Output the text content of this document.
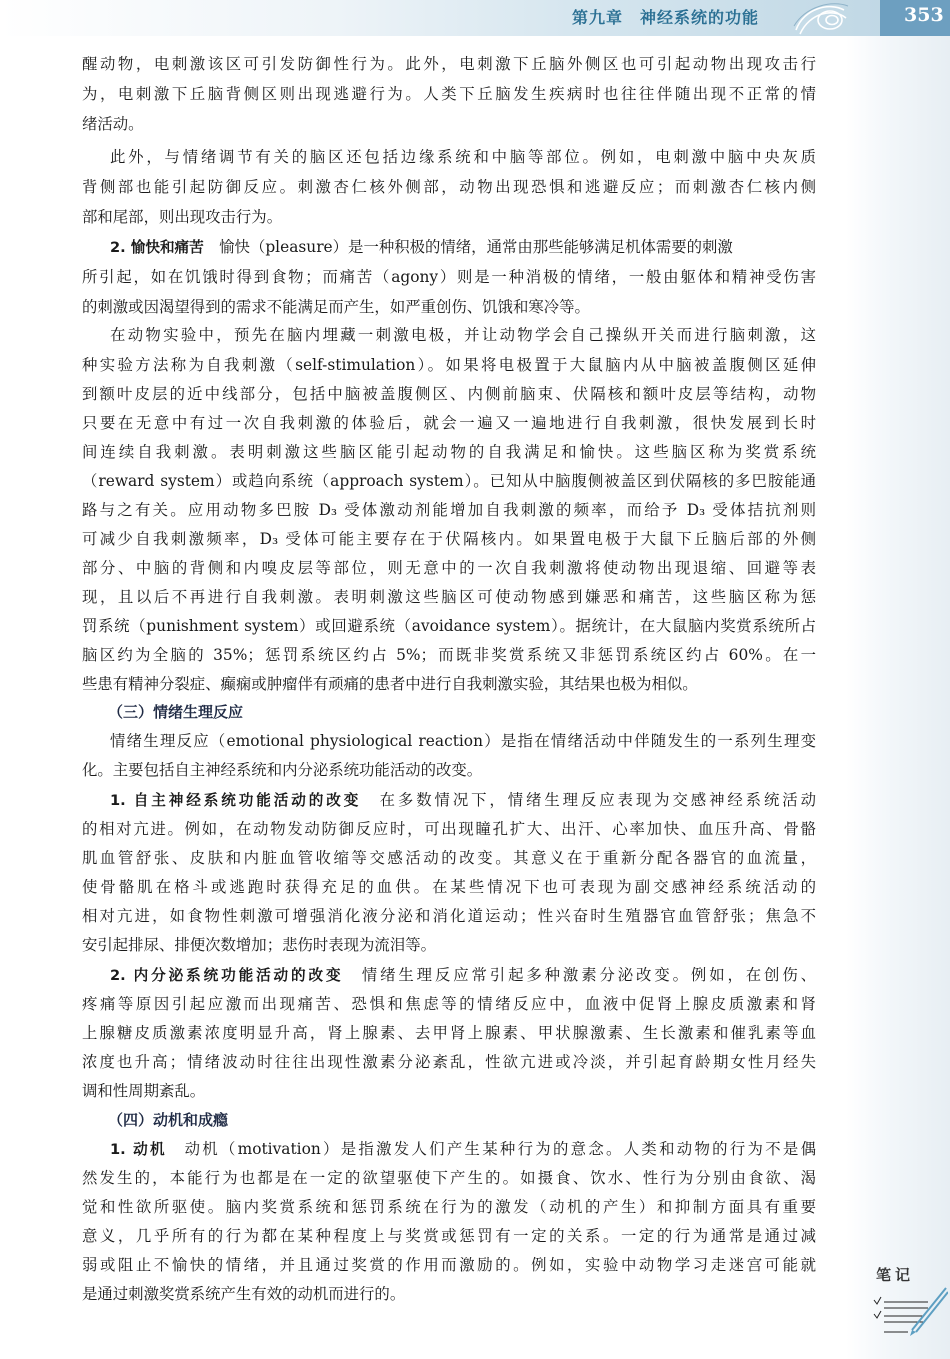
第九章　神经系统的功能	353

醒动物，电刺激该区可引发防御性行为。此外，电刺激下丘脑外侧区也可引起动物出现攻击行

为，电刺激下丘脑背侧区则出现逃避行为。人类下丘脑发生疾病时也往往伴随出现不正常的情

绪活动。

此外，与情绪调节有关的脑区还包括边缘系统和中脑等部位。例如，电刺激中脑中央灰质

背侧部也能引起防御反应。刺激杏仁核外侧部，动物出现恐惧和逃避反应；而刺激杏仁核内侧

部和尾部，则出现攻击行为。

2. 愉快和痛苦　 愉快（pleasure）是一种积极的情绪，通常由那些能够满足机体需要的刺激

所引起，如在饥饿时得到食物；而痛苦（agony）则是一种消极的情绪，一般由躯体和精神受伤害

的刺激或因渴望得到的需求不能满足而产生，如严重创伤、饥饿和寒冷等。

在动物实验中，预先在脑内埋藏一刺激电极，并让动物学会自己操纵开关而进行脑刺激，这

种实验方法称为自我刺激（self-stimulation）。如果将电极置于大鼠脑内从中脑被盖腹侧区延伸

到额叶皮层的近中线部分，包括中脑被盖腹侧区、内侧前脑束、伏隔核和额叶皮层等结构，动物

只要在无意中有过一次自我刺激的体验后，就会一遍又一遍地进行自我刺激，很快发展到长时

间连续自我刺激。表明刺激这些脑区能引起动物的自我满足和愉快。这些脑区称为奖赏系统

（reward system）或趋向系统（approach system）。已知从中脑腹侧被盖区到伏隔核的多巴胺能通

路与之有关。应用动物多巴胺 D₃ 受体激动剂能增加自我刺激的频率，而给予 D₃ 受体拮抗剂则

可减少自我刺激频率，D₃ 受体可能主要存在于伏隔核内。如果置电极于大鼠下丘脑后部的外侧

部分、中脑的背侧和内嗅皮层等部位，则无意中的一次自我刺激将使动物出现退缩、回避等表

现，且以后不再进行自我刺激。表明刺激这些脑区可使动物感到嫌恶和痛苦，这些脑区称为惩

罚系统（punishment system）或回避系统（avoidance system）。据统计，在大鼠脑内奖赏系统所占

脑区约为全脑的 35%；惩罚系统区约占 5%；而既非奖赏系统又非惩罚系统区约占 60%。在一

些患有精神分裂症、癫痫或肿瘤伴有顽痛的患者中进行自我刺激实验，其结果也极为相似。

（三）情绪生理反应

情绪生理反应（emotional physiological reaction）是指在情绪活动中伴随发生的一系列生理变

化。主要包括自主神经系统和内分泌系统功能活动的改变。

1. 自主神经系统功能活动的改变　 在多数情况下，情绪生理反应表现为交感神经系统活动

的相对亢进。例如，在动物发动防御反应时，可出现瞳孔扩大、出汗、心率加快、血压升高、骨骼

肌血管舒张、皮肤和内脏血管收缩等交感活动的改变。其意义在于重新分配各器官的血流量，

使骨骼肌在格斗或逃跑时获得充足的血供。在某些情况下也可表现为副交感神经系统活动的

相对亢进，如食物性刺激可增强消化液分泌和消化道运动；性兴奋时生殖器官血管舒张；焦急不

安引起排尿、排便次数增加；悲伤时表现为流泪等。

2. 内分泌系统功能活动的改变　 情绪生理反应常引起多种激素分泌改变。例如，在创伤、

疼痛等原因引起应激而出现痛苦、恐惧和焦虑等的情绪反应中，血液中促肾上腺皮质激素和肾

上腺糖皮质激素浓度明显升高，肾上腺素、去甲肾上腺素、甲状腺激素、生长激素和催乳素等血

浓度也升高；情绪波动时往往出现性激素分泌紊乱，性欲亢进或冷淡，并引起育龄期女性月经失

调和性周期紊乱。

（四）动机和成瘾

1. 动机　 动机（motivation）是指激发人们产生某种行为的意念。人类和动物的行为不是偶

然发生的，本能行为也都是在一定的欲望驱使下产生的。如摄食、饮水、性行为分别由食欲、渴

觉和性欲所驱使。脑内奖赏系统和惩罚系统在行为的激发（动机的产生）和抑制方面具有重要

意义，几乎所有的行为都在某种程度上与奖赏或惩罚有一定的关系。一定的行为通常是通过减

弱或阻止不愉快的情绪，并且通过奖赏的作用而激励的。例如，实验中动物学习走迷宫可能就

是通过刺激奖赏系统产生有效的动机而进行的。

笔记
